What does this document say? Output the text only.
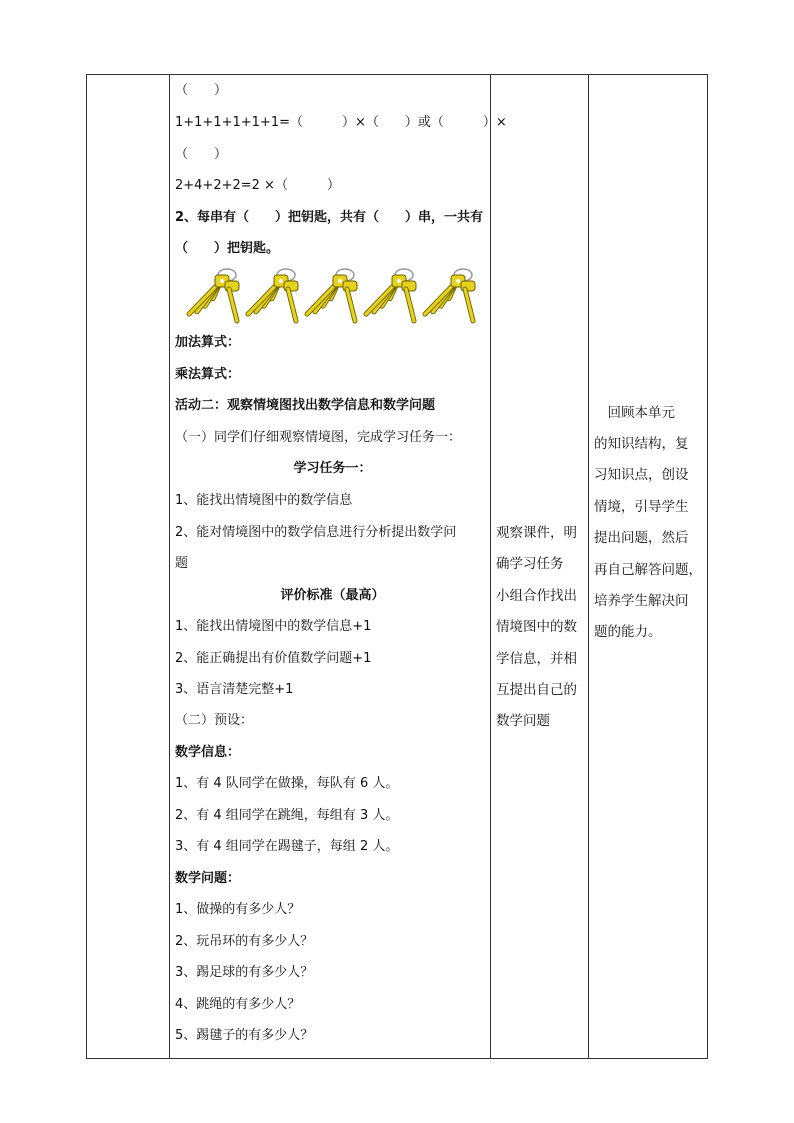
（　　）
1+1+1+1+1+1=（　　　）×（　　）或（　　　）×
（　　）
2+4+2+2=2 ×（　　　）
2、每串有（　　）把钥匙，共有（　　）串，一共有
（　　）把钥匙。
加法算式：
乘法算式：
活动二：观察情境图找出数学信息和数学问题
（一）同学们仔细观察情境图，完成学习任务一：
学习任务一：
1、能找出情境图中的数学信息
2、能对情境图中的数学信息进行分析提出数学问
题
评价标准（最高）
1、能找出情境图中的数学信息+1
2、能正确提出有价值数学问题+1
3、语言清楚完整+1
（二）预设：
数学信息：
1、有 4 队同学在做操，每队有 6 人。
2、有 4 组同学在跳绳，每组有 3 人。
3、有 4 组同学在踢毽子，每组 2 人。
数学问题：
1、做操的有多少人？
2、玩吊环的有多少人？
3、踢足球的有多少人？
4、跳绳的有多少人？
5、踢毽子的有多少人？
观察课件，明
确学习任务
小组合作找出
情境图中的数
学信息，并相
互提出自己的
数学问题
　回顾本单元
的知识结构，复
习知识点，创设
情境，引导学生
提出问题，然后
再自己解答问题，
培养学生解决问
题的能力。
